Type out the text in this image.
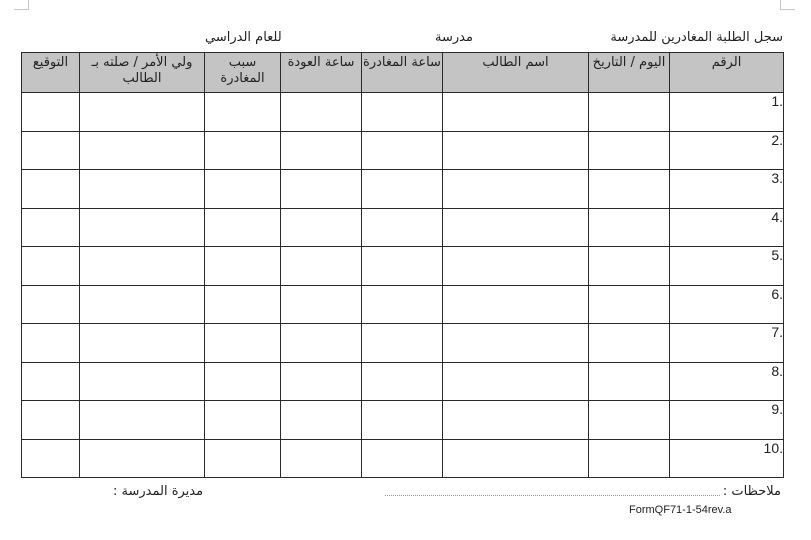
سجل الطلبة المغادرين للمدرسة
مدرسة
للعام الدراسي
الرقم	اليوم / التاريخ	اسم الطالب	ساعة المغادرة	ساعة العودة	سبب المغادرة	ولي الأمر / صلته بـ الطالب	التوقيع
.1							
.2							
.3							
.4							
.5							
.6							
.7							
.8							
.9							
.10							
ملاحظات :
مديرة المدرسة :
FormQF71-1-54rev.a
